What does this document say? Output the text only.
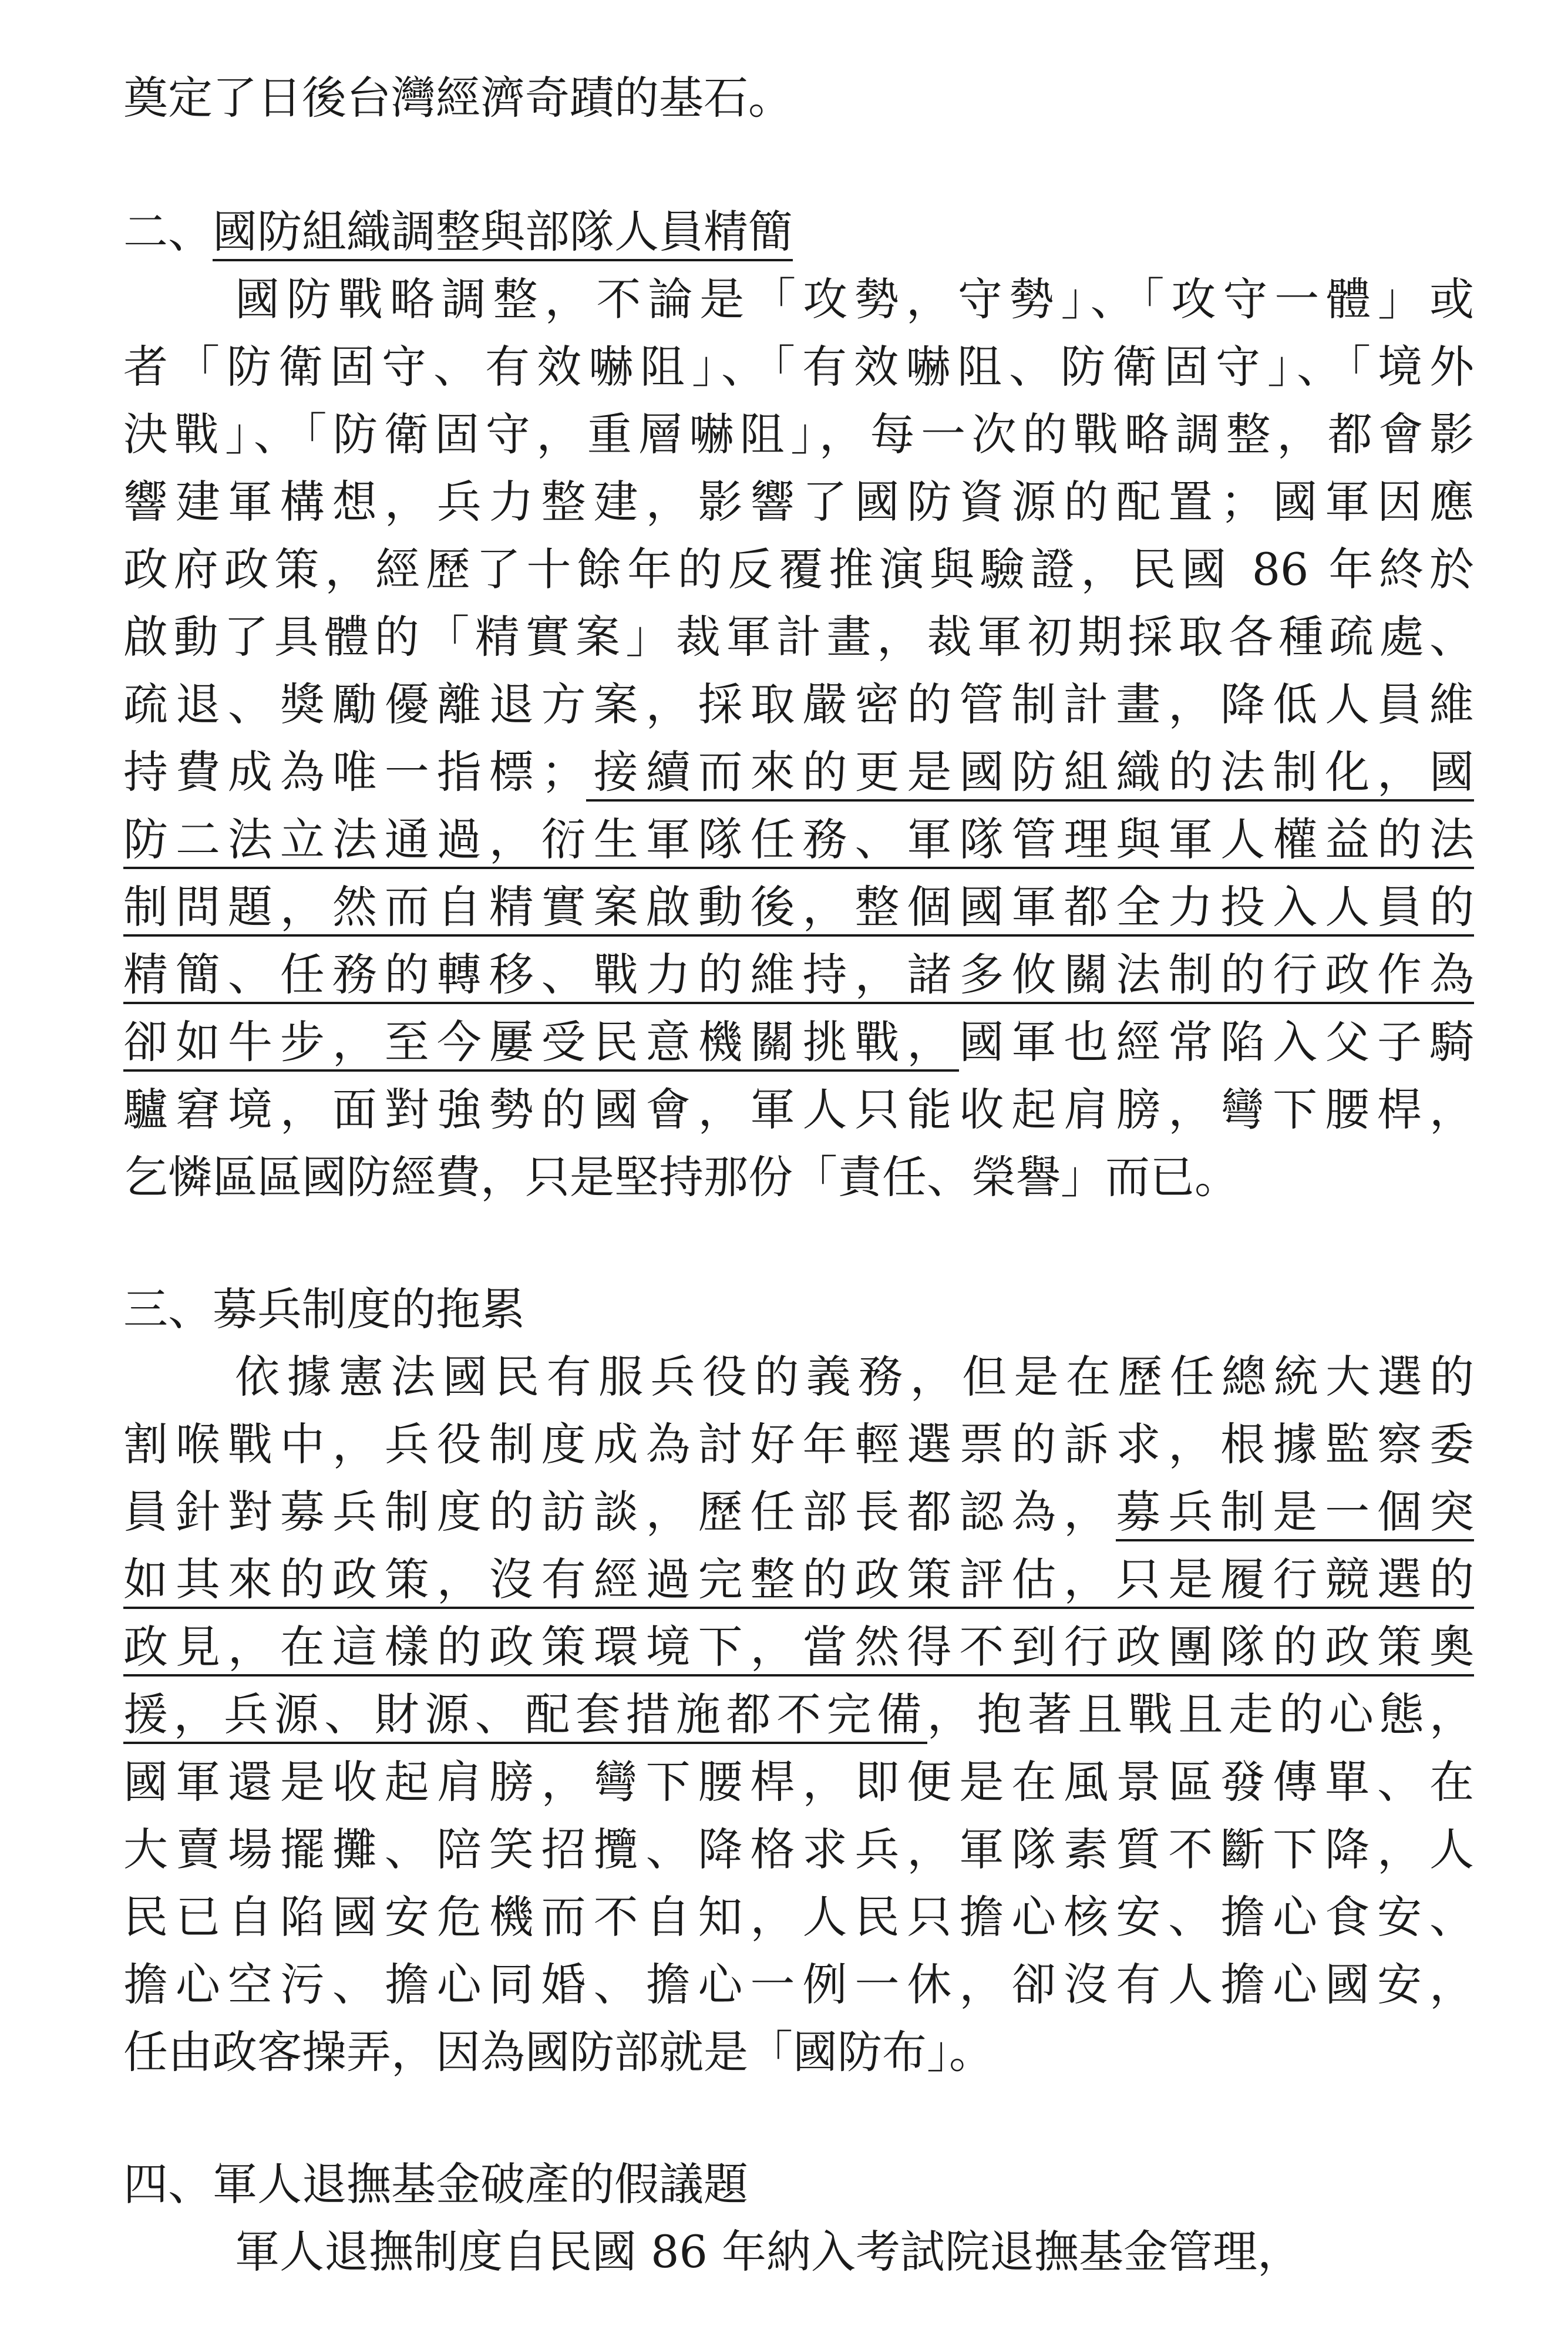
奠定了日後台灣經濟奇蹟的基石。
二、國防組織調整與部隊人員精簡
國防戰略調整，不論是「攻勢，守勢」、「攻守一體」或
者「防衛固守、有效嚇阻」、「有效嚇阻、防衛固守」、「境外
決戰」、「防衛固守，重層嚇阻」，每一次的戰略調整，都會影
響建軍構想，兵力整建，影響了國防資源的配置；國軍因應
政府政策，經歷了十餘年的反覆推演與驗證，民國 86 年終於
啟動了具體的「精實案」裁軍計畫，裁軍初期採取各種疏處、
疏退、獎勵優離退方案，採取嚴密的管制計畫，降低人員維
持費成為唯一指標；接續而來的更是國防組織的法制化，國
防二法立法通過，衍生軍隊任務、軍隊管理與軍人權益的法
制問題，然而自精實案啟動後，整個國軍都全力投入人員的
精簡、任務的轉移、戰力的維持，諸多攸關法制的行政作為
卻如牛步，至今屢受民意機關挑戰，國軍也經常陷入父子騎
驢窘境，面對強勢的國會，軍人只能收起肩膀，彎下腰桿，
乞憐區區國防經費，只是堅持那份「責任、榮譽」而已。
三、募兵制度的拖累
依據憲法國民有服兵役的義務，但是在歷任總統大選的
割喉戰中，兵役制度成為討好年輕選票的訴求，根據監察委
員針對募兵制度的訪談，歷任部長都認為，募兵制是一個突
如其來的政策，沒有經過完整的政策評估，只是履行競選的
政見，在這樣的政策環境下，當然得不到行政團隊的政策奧
援，兵源、財源、配套措施都不完備，抱著且戰且走的心態，
國軍還是收起肩膀，彎下腰桿，即便是在風景區發傳單、在
大賣場擺攤、陪笑招攬、降格求兵，軍隊素質不斷下降，人
民已自陷國安危機而不自知，人民只擔心核安、擔心食安、
擔心空污、擔心同婚、擔心一例一休，卻沒有人擔心國安，
任由政客操弄，因為國防部就是「國防布」。
四、軍人退撫基金破產的假議題
軍人退撫制度自民國 86 年納入考試院退撫基金管理，
